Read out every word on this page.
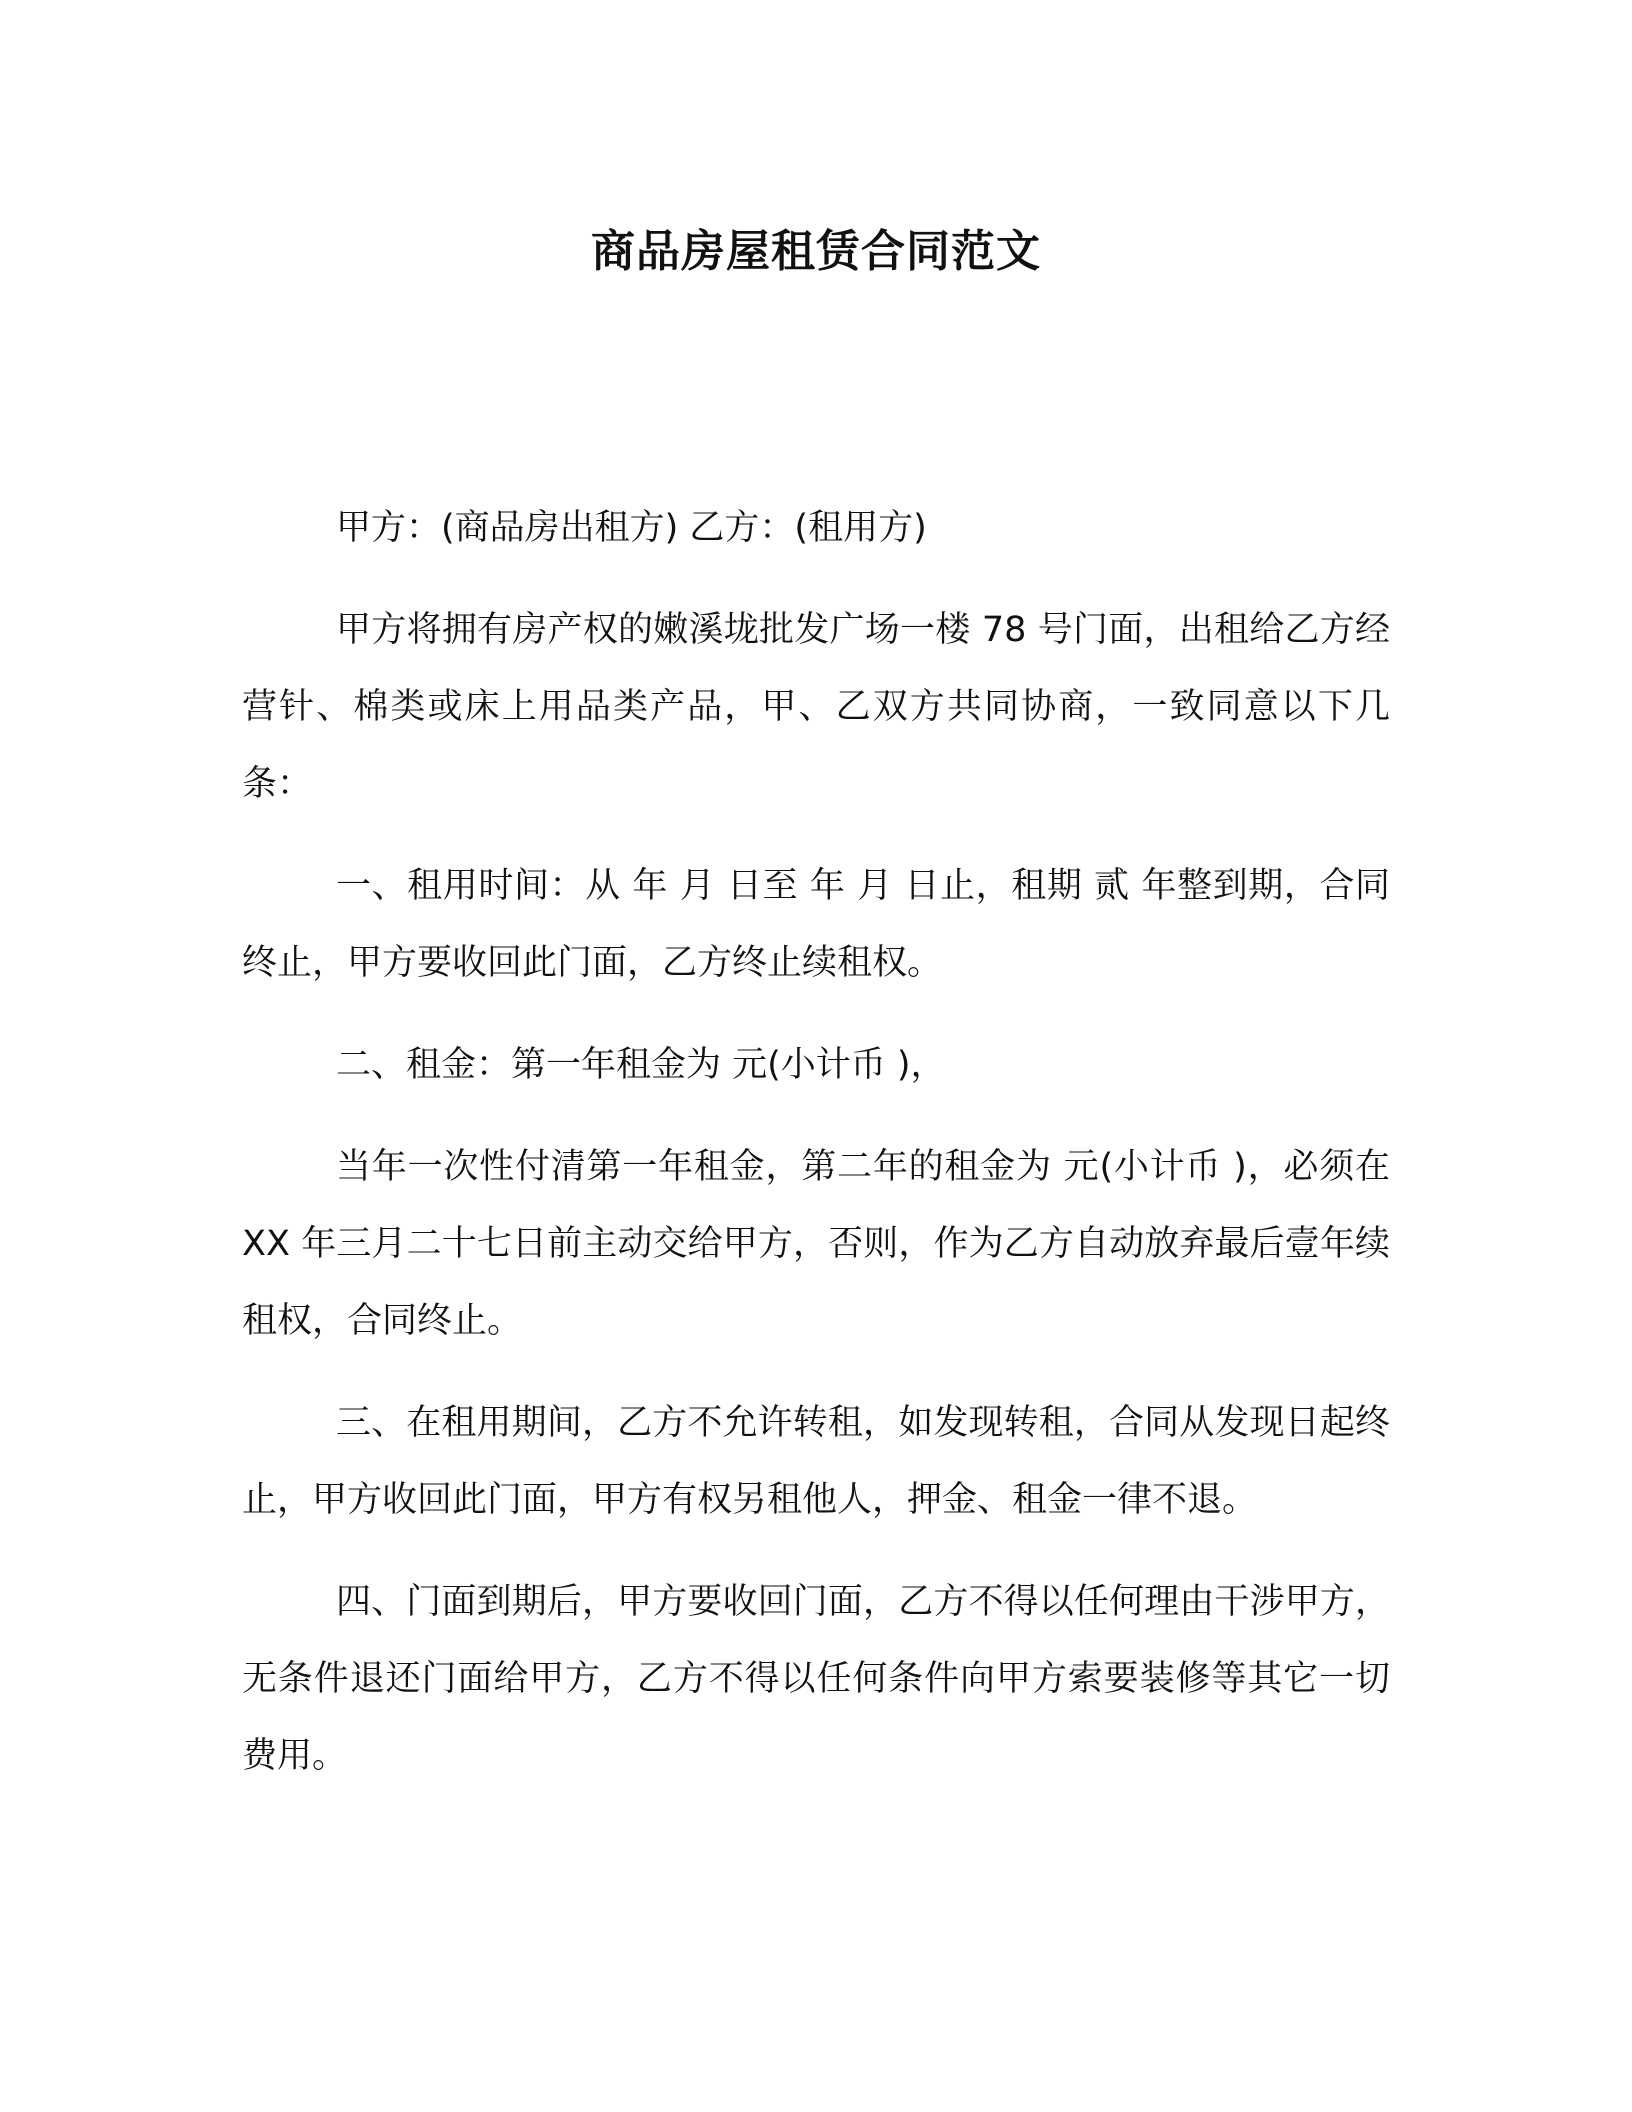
商品房屋租赁合同范文

甲方：(商品房出租方) 乙方：(租用方)

甲方将拥有房产权的嫩溪垅批发广场一楼 78 号门面，出租给乙方经营针、棉类或床上用品类产品，甲、乙双方共同协商，一致同意以下几条：

一、租用时间：从 年 月 日至 年 月 日止，租期 贰 年整到期，合同终止，甲方要收回此门面，乙方终止续租权。

二、租金：第一年租金为 元(小计币 )，

当年一次性付清第一年租金，第二年的租金为 元(小计币 )，必须在 XX 年三月二十七日前主动交给甲方，否则，作为乙方自动放弃最后壹年续租权，合同终止。

三、在租用期间，乙方不允许转租，如发现转租，合同从发现日起终止，甲方收回此门面，甲方有权另租他人，押金、租金一律不退。

四、门面到期后，甲方要收回门面，乙方不得以任何理由干涉甲方，无条件退还门面给甲方，乙方不得以任何条件向甲方索要装修等其它一切费用。
